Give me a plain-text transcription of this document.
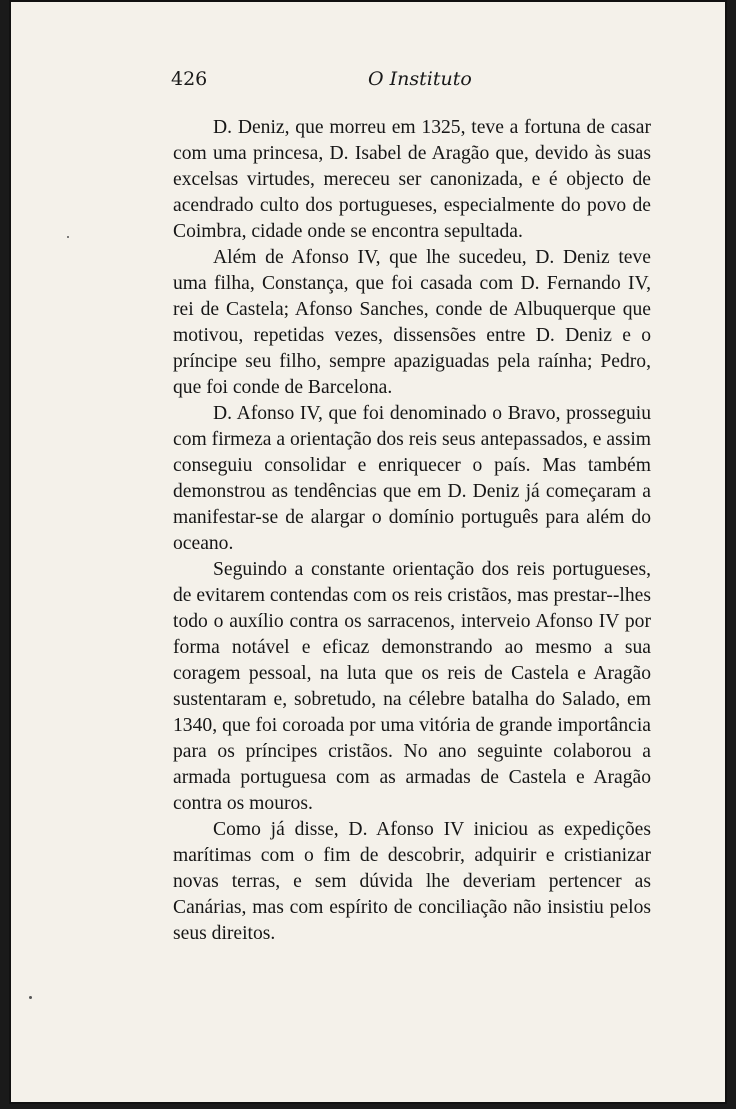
426	O Instituto

D. Deniz, que morreu em 1325, teve a fortuna de casar com uma princesa, D. Isabel de Aragão que, devido às suas excelsas virtudes, mereceu ser canonizada, e é objecto de acendrado culto dos portugueses, especialmente do povo de Coimbra, cidade onde se encontra sepultada.

Além de Afonso IV, que lhe sucedeu, D. Deniz teve uma filha, Constança, que foi casada com D. Fernando IV, rei de Castela; Afonso Sanches, conde de Albuquerque que motivou, repetidas vezes, dissensões entre D. Deniz e o príncipe seu filho, sempre apaziguadas pela raínha; Pedro, que foi conde de Barcelona.

D. Afonso IV, que foi denominado o Bravo, prosseguiu com firmeza a orientação dos reis seus antepassados, e assim conseguiu consolidar e enriquecer o país. Mas também demonstrou as tendências que em D. Deniz já começaram a manifestar-se de alargar o domínio português para além do oceano.

Seguindo a constante orientação dos reis portugueses, de evitarem contendas com os reis cristãos, mas prestar--lhes todo o auxílio contra os sarracenos, interveio Afonso IV por forma notável e eficaz demonstrando ao mesmo a sua coragem pessoal, na luta que os reis de Castela e Aragão sustentaram e, sobretudo, na célebre batalha do Salado, em 1340, que foi coroada por uma vitória de grande importância para os príncipes cristãos. No ano seguinte colaborou a armada portuguesa com as armadas de Castela e Aragão contra os mouros.

Como já disse, D. Afonso IV iniciou as expedições marítimas com o fim de descobrir, adquirir e cristianizar novas terras, e sem dúvida lhe deveriam pertencer as Canárias, mas com espírito de conciliação não insistiu pelos seus direitos.
